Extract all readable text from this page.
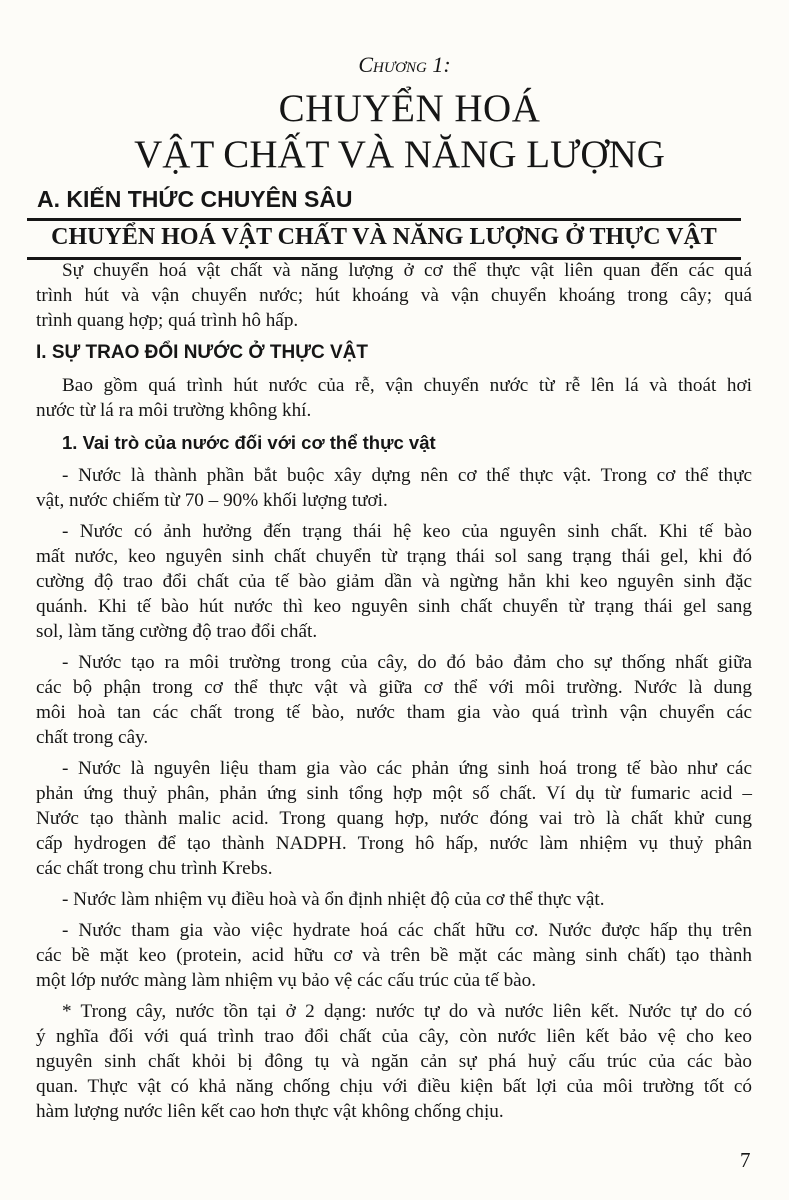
Chương 1:
CHUYỂN HOÁ
VẬT CHẤT VÀ NĂNG LƯỢNG
A. KIẾN THỨC CHUYÊN SÂU
CHUYỂN HOÁ VẬT CHẤT VÀ NĂNG LƯỢNG Ở THỰC VẬT
Sự chuyển hoá vật chất và năng lượng ở cơ thể thực vật liên quan đến các quá
trình hút và vận chuyển nước; hút khoáng và vận chuyển khoáng trong cây; quá
trình quang hợp; quá trình hô hấp.
I. SỰ TRAO ĐỔI NƯỚC Ở THỰC VẬT
Bao gồm quá trình hút nước của rễ, vận chuyển nước từ rễ lên lá và thoát hơi
nước từ lá ra môi trường không khí.
1. Vai trò của nước đối với cơ thể thực vật
- Nước là thành phần bắt buộc xây dựng nên cơ thể thực vật. Trong cơ thể thực
vật, nước chiếm từ 70 – 90% khối lượng tươi.
- Nước có ảnh hưởng đến trạng thái hệ keo của nguyên sinh chất. Khi tế bào
mất nước, keo nguyên sinh chất chuyển từ trạng thái sol sang trạng thái gel, khi đó
cường độ trao đổi chất của tế bào giảm dần và ngừng hẳn khi keo nguyên sinh đặc
quánh. Khi tế bào hút nước thì keo nguyên sinh chất chuyển từ trạng thái gel sang
sol, làm tăng cường độ trao đổi chất.
- Nước tạo ra môi trường trong của cây, do đó bảo đảm cho sự thống nhất giữa
các bộ phận trong cơ thể thực vật và giữa cơ thể với môi trường. Nước là dung
môi hoà tan các chất trong tế bào, nước tham gia vào quá trình vận chuyển các
chất trong cây.
- Nước là nguyên liệu tham gia vào các phản ứng sinh hoá trong tế bào như các
phản ứng thuỷ phân, phản ứng sinh tổng hợp một số chất. Ví dụ từ fumaric acid –
Nước tạo thành malic acid. Trong quang hợp, nước đóng vai trò là chất khử cung
cấp hydrogen để tạo thành NADPH. Trong hô hấp, nước làm nhiệm vụ thuỷ phân
các chất trong chu trình Krebs.
- Nước làm nhiệm vụ điều hoà và ổn định nhiệt độ của cơ thể thực vật.
- Nước tham gia vào việc hydrate hoá các chất hữu cơ. Nước được hấp thụ trên
các bề mặt keo (protein, acid hữu cơ và trên bề mặt các màng sinh chất) tạo thành
một lớp nước màng làm nhiệm vụ bảo vệ các cấu trúc của tế bào.
* Trong cây, nước tồn tại ở 2 dạng: nước tự do và nước liên kết. Nước tự do có
ý nghĩa đối với quá trình trao đổi chất của cây, còn nước liên kết bảo vệ cho keo
nguyên sinh chất khỏi bị đông tụ và ngăn cản sự phá huỷ cấu trúc của các bào
quan. Thực vật có khả năng chống chịu với điều kiện bất lợi của môi trường tốt có
hàm lượng nước liên kết cao hơn thực vật không chống chịu.
7
